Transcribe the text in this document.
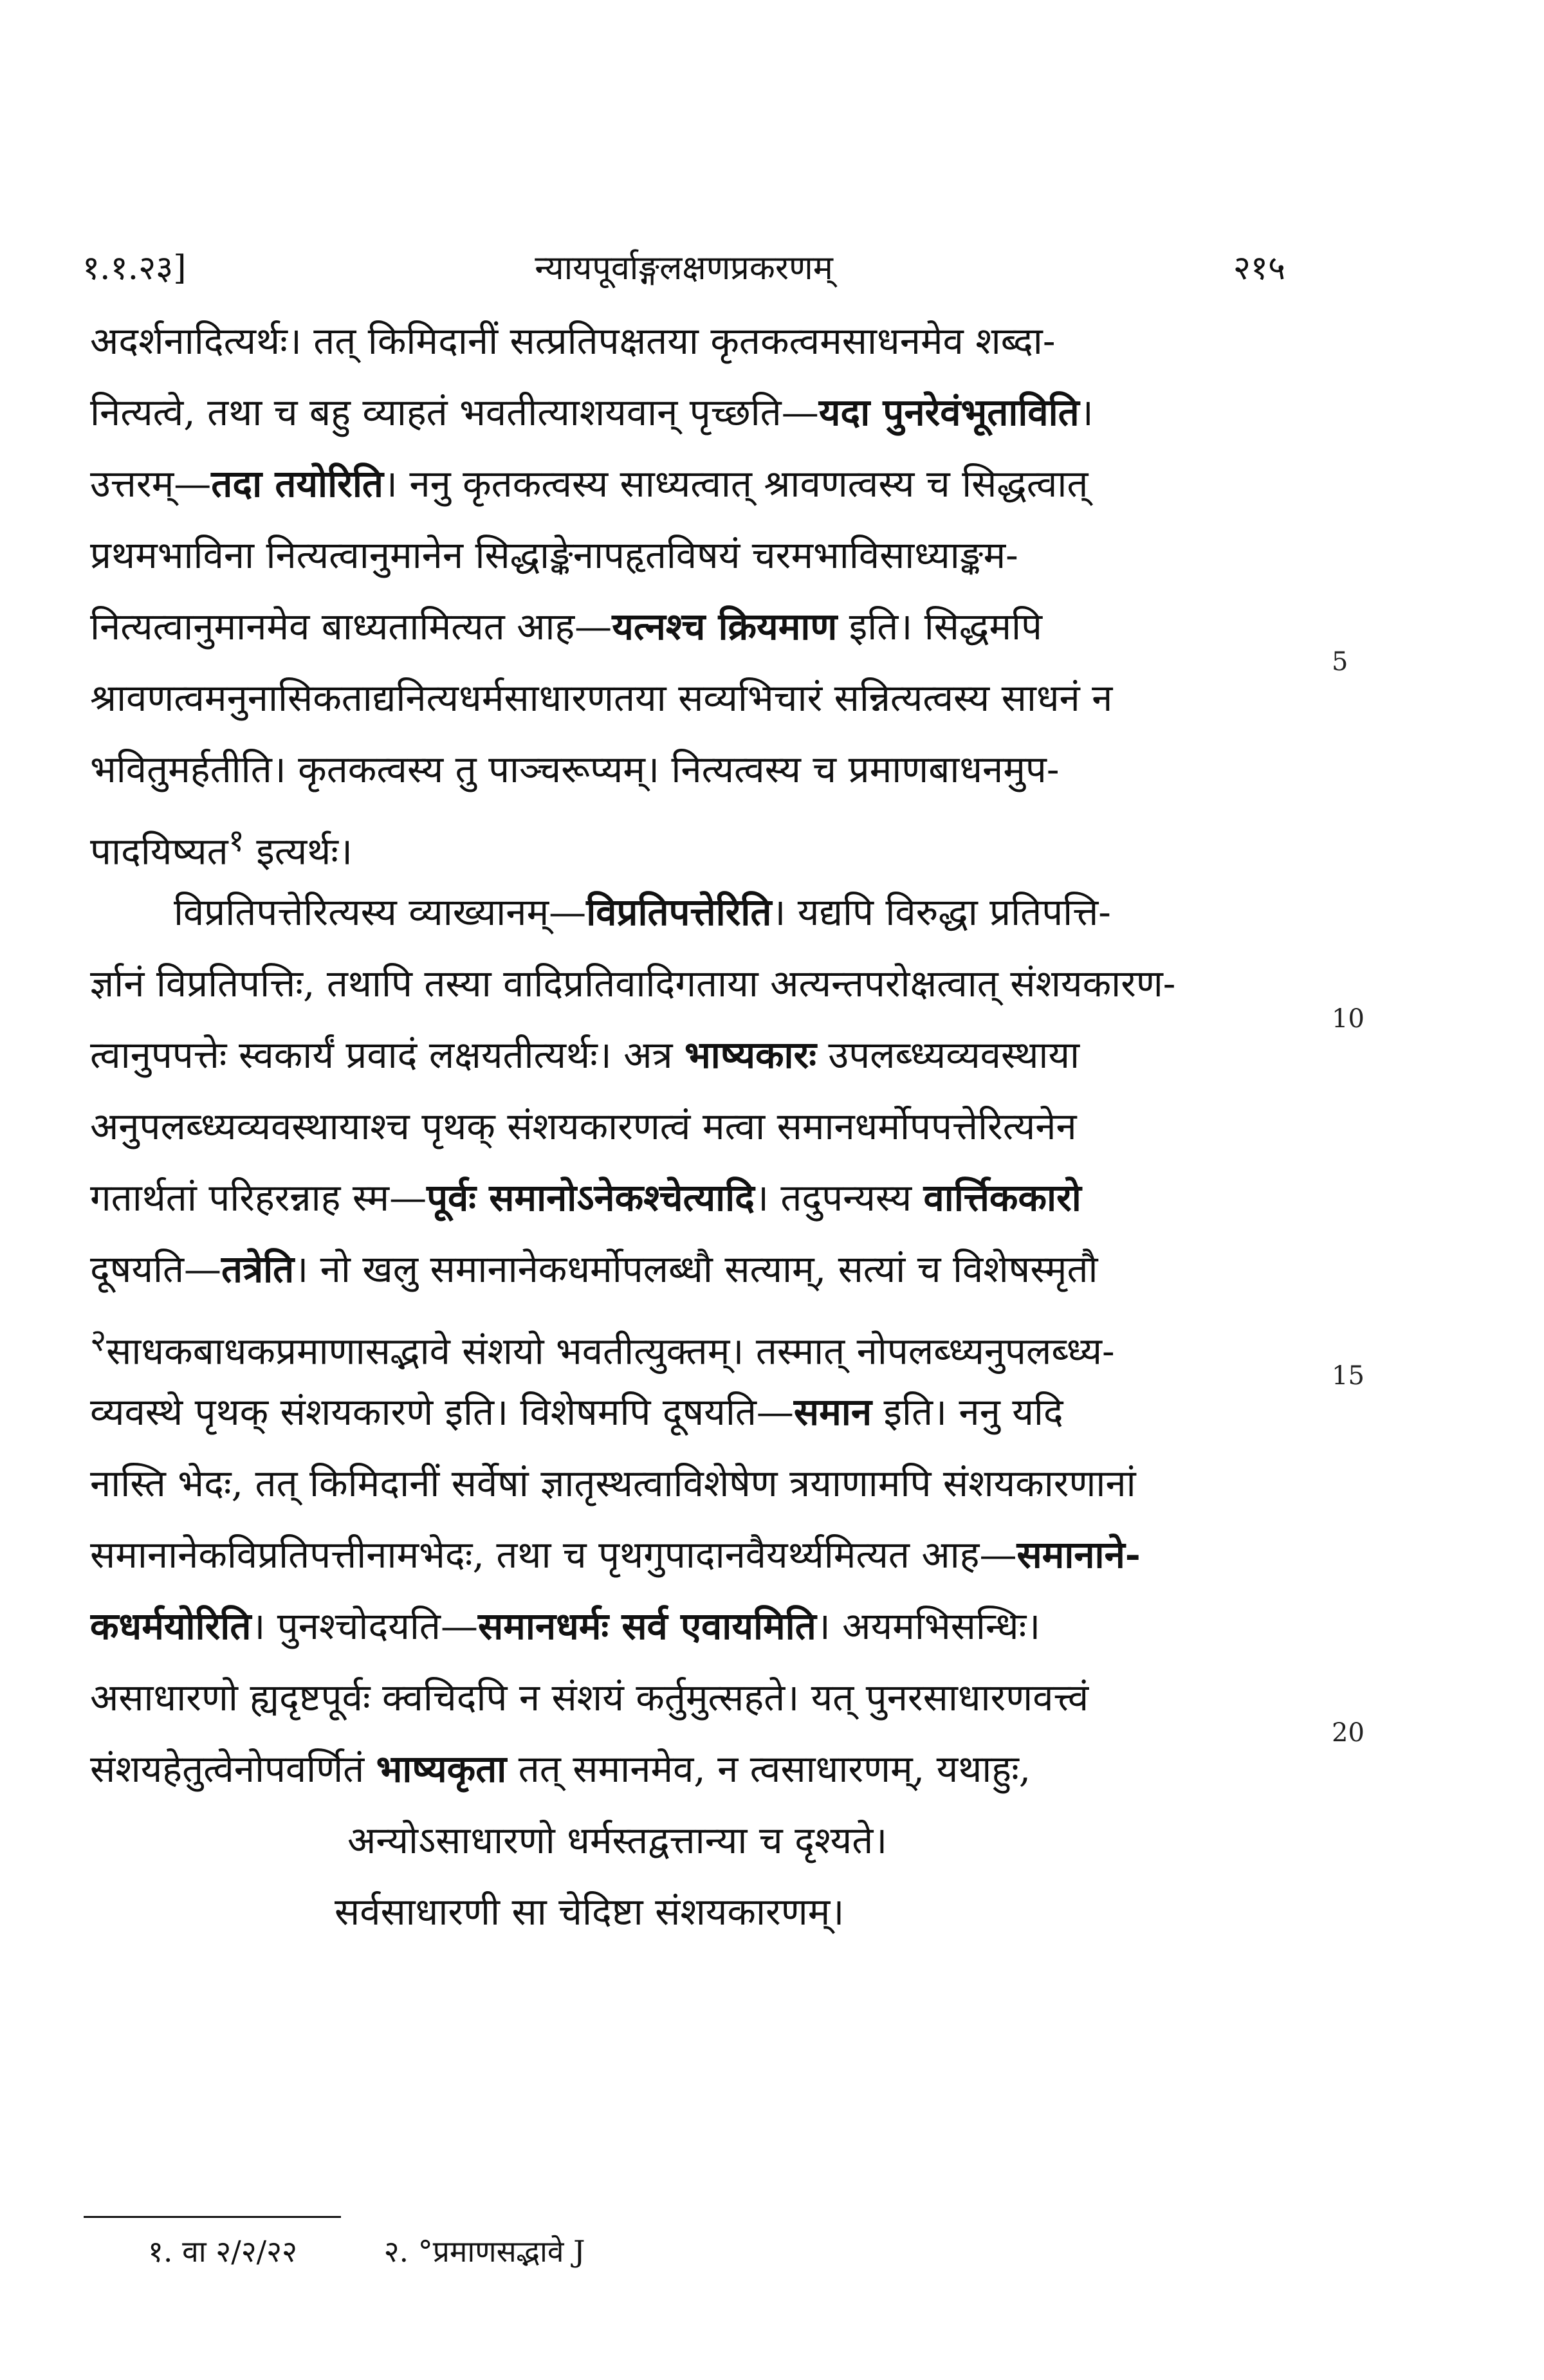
१.१.२३]	न्यायपूर्वाङ्गलक्षणप्रकरणम्	२१५
अदर्शनादित्यर्थः। तत् किमिदानीं सत्प्रतिपक्षतया कृतकत्वमसाधनमेव शब्दा-
नित्यत्वे, तथा च बहु व्याहतं भवतीत्याशयवान् पृच्छति—यदा पुनरेवंभूताविति।
उत्तरम्—तदा तयोरिति। ननु कृतकत्वस्य साध्यत्वात् श्रावणत्वस्य च सिद्धत्वात्
प्रथमभाविना नित्यत्वानुमानेन सिद्धाङ्केनापहृतविषयं चरमभाविसाध्याङ्कम-
नित्यत्वानुमानमेव बाध्यतामित्यत आह—यत्नश्च क्रियमाण इति। सिद्धमपि
श्रावणत्वमनुनासिकताद्यनित्यधर्मसाधारणतया सव्यभिचारं सन्नित्यत्वस्य साधनं न
भवितुमर्हतीति। कृतकत्वस्य तु पाञ्चरूप्यम्। नित्यत्वस्य च प्रमाणबाधनमुप-
पादयिष्यत$^१$ इत्यर्थः।
विप्रतिपत्तेरित्यस्य व्याख्यानम्—विप्रतिपत्तेरिति। यद्यपि विरुद्धा प्रतिपत्ति-
र्ज्ञानं विप्रतिपत्तिः, तथापि तस्या वादिप्रतिवादिगताया अत्यन्तपरोक्षत्वात् संशयकारण-
त्वानुपपत्तेः स्वकार्यं प्रवादं लक्षयतीत्यर्थः। अत्र भाष्यकारः उपलब्ध्यव्यवस्थाया
अनुपलब्ध्यव्यवस्थायाश्च पृथक् संशयकारणत्वं मत्वा समानधर्मोपपत्तेरित्यनेन
गतार्थतां परिहरन्नाह स्म—पूर्वः समानोऽनेकश्चेत्यादि। तदुपन्यस्य वार्त्तिककारो
दूषयति—तत्रेति। नो खलु समानानेकधर्मोपलब्धौ सत्याम्, सत्यां च विशेषस्मृतौ
$^२$साधकबाधकप्रमाणासद्भावे संशयो भवतीत्युक्तम्। तस्मात् नोपलब्ध्यनुपलब्ध्य-
व्यवस्थे पृथक् संशयकारणे इति। विशेषमपि दूषयति—समान इति। ननु यदि
नास्ति भेदः, तत् किमिदानीं सर्वेषां ज्ञातृस्थत्वाविशेषेण त्रयाणामपि संशयकारणानां
समानानेकविप्रतिपत्तीनामभेदः, तथा च पृथगुपादानवैयर्थ्यमित्यत आह—समानाने-
कधर्मयोरिति। पुनश्चोदयति—समानधर्मः सर्व एवायमिति। अयमभिसन्धिः।
असाधारणो ह्यदृष्टपूर्वः क्वचिदपि न संशयं कर्तुमुत्सहते। यत् पुनरसाधारणवत्त्वं
संशयहेतुत्वेनोपवर्णितं भाष्यकृता तत् समानमेव, न त्वसाधारणम्, यथाहुः,
अन्योऽसाधारणो धर्मस्तद्वत्तान्या च दृश्यते।
सर्वसाधारणी सा चेदिष्टा संशयकारणम्।
5
10
15
20
१. वा २/२/२२	२. °प्रमाणसद्भावे J
